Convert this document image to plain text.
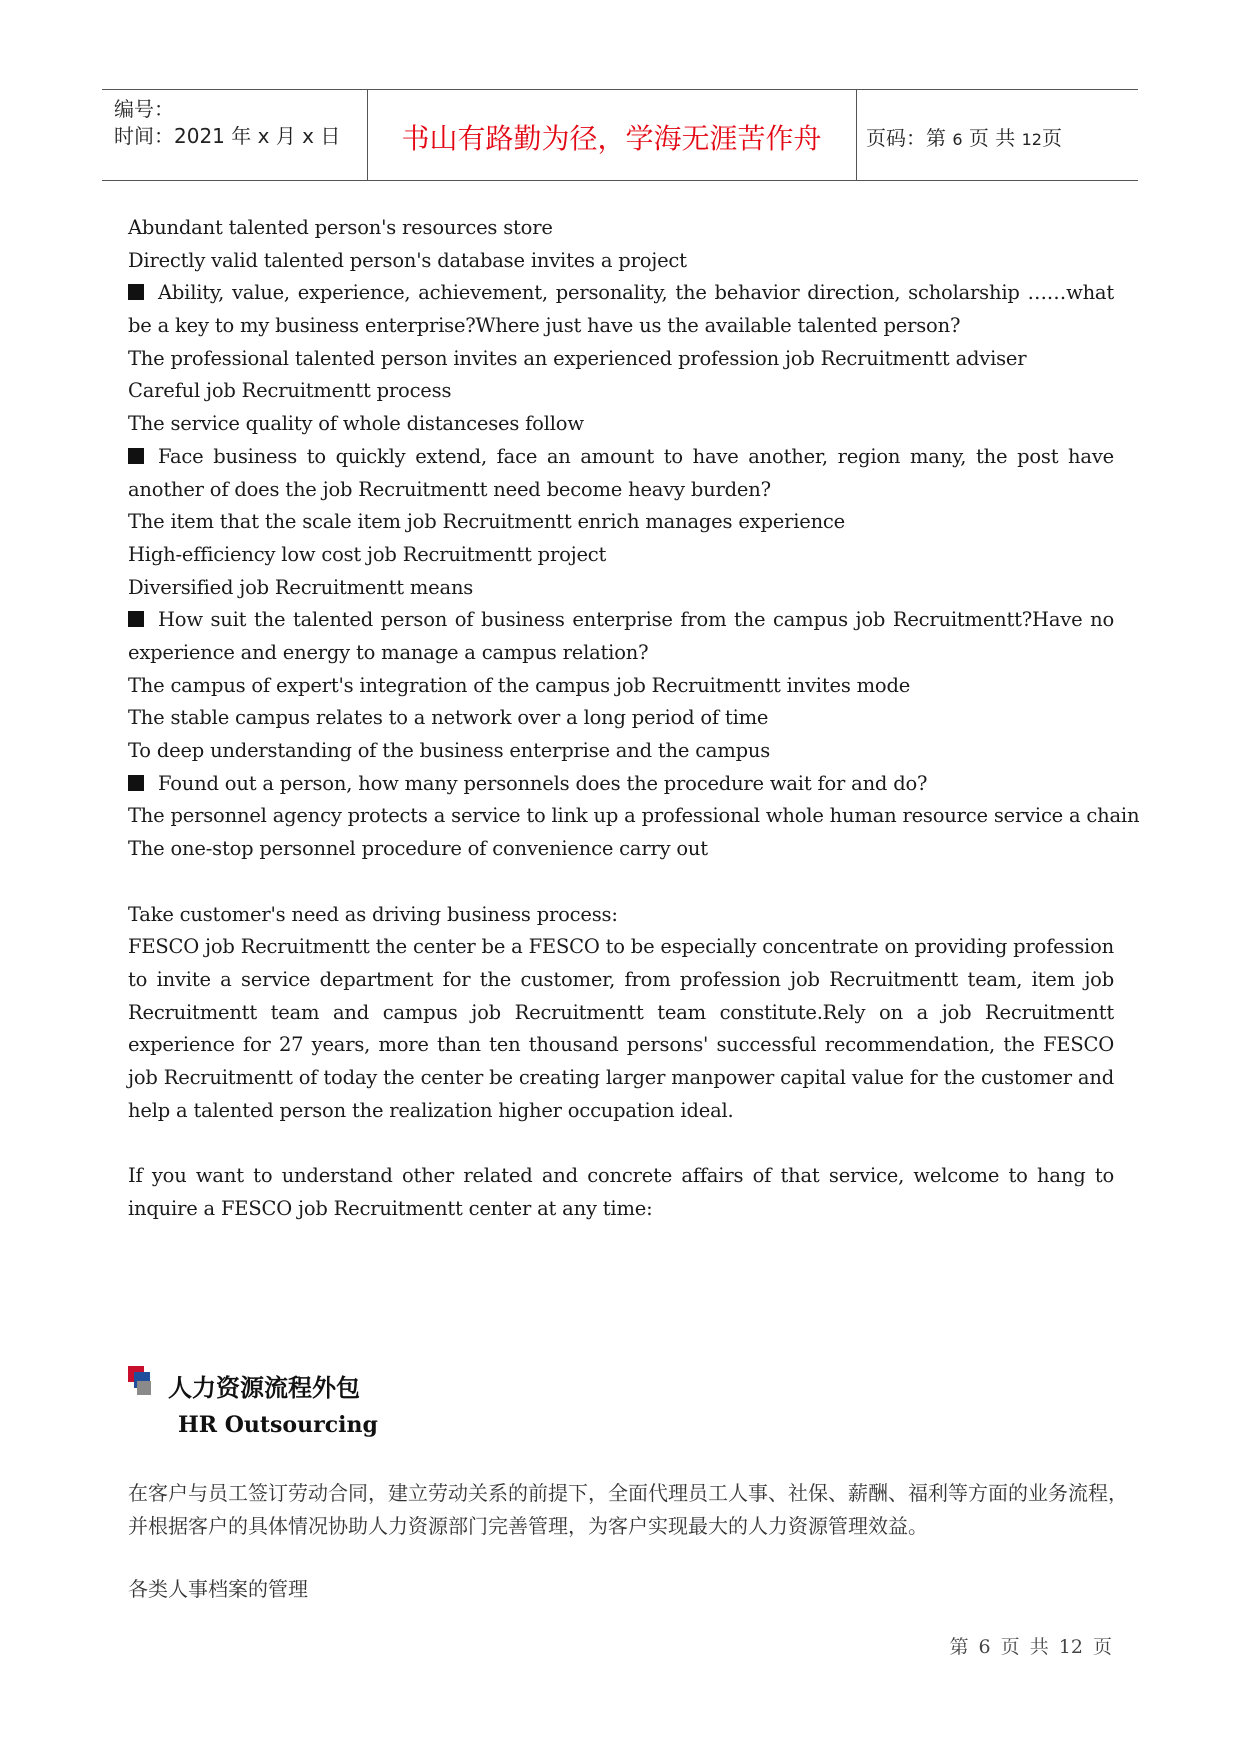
编号：
时间：2021 年 x 月 x 日	书山有路勤为径，学海无涯苦作舟	页码：第 6 页 共 12页
Abundant talented person's resources store
Directly valid talented person's database invites a project
Ability, value, experience, achievement, personality, the behavior direction, scholarship ……what be a key to my business enterprise?Where just have us the available talented person?
The professional talented person invites an experienced profession job Recruitmentt adviser
Careful job Recruitmentt process
The service quality of whole distanceses follow
Face business to quickly extend, face an amount to have another, region many, the post have another of does the job Recruitmentt need become heavy burden?
The item that the scale item job Recruitmentt enrich manages experience
High-efficiency low cost job Recruitmentt project
Diversified job Recruitmentt means
How suit the talented person of business enterprise from the campus job Recruitmentt?Have no experience and energy to manage a campus relation?
The campus of expert's integration of the campus job Recruitmentt invites mode
The stable campus relates to a network over a long period of time
To deep understanding of the business enterprise and the campus
Found out a person, how many personnels does the procedure wait for and do?
The personnel agency protects a service to link up a professional whole human resource service a chain
The one-stop personnel procedure of convenience carry out
Take customer's need as driving business process:
FESCO job Recruitmentt the center be a FESCO to be especially concentrate on providing profession to invite a service department for the customer, from profession job Recruitmentt team, item job Recruitmentt team and campus job Recruitmentt team constitute.Rely on a job Recruitmentt experience for 27 years, more than ten thousand persons' successful recommendation, the FESCO job Recruitmentt of today the center be creating larger manpower capital value for the customer and help a talented person the realization higher occupation ideal.
If you want to understand other related and concrete affairs of that service, welcome to hang to inquire a FESCO job Recruitmentt center at any time:
人力资源流程外包
HR Outsourcing
在客户与员工签订劳动合同，建立劳动关系的前提下，全面代理员工人事、社保、薪酬、福利等方面的业务流程，并根据客户的具体情况协助人力资源部门完善管理，为客户实现最大的人力资源管理效益。
各类人事档案的管理
第 6 页 共 12 页
